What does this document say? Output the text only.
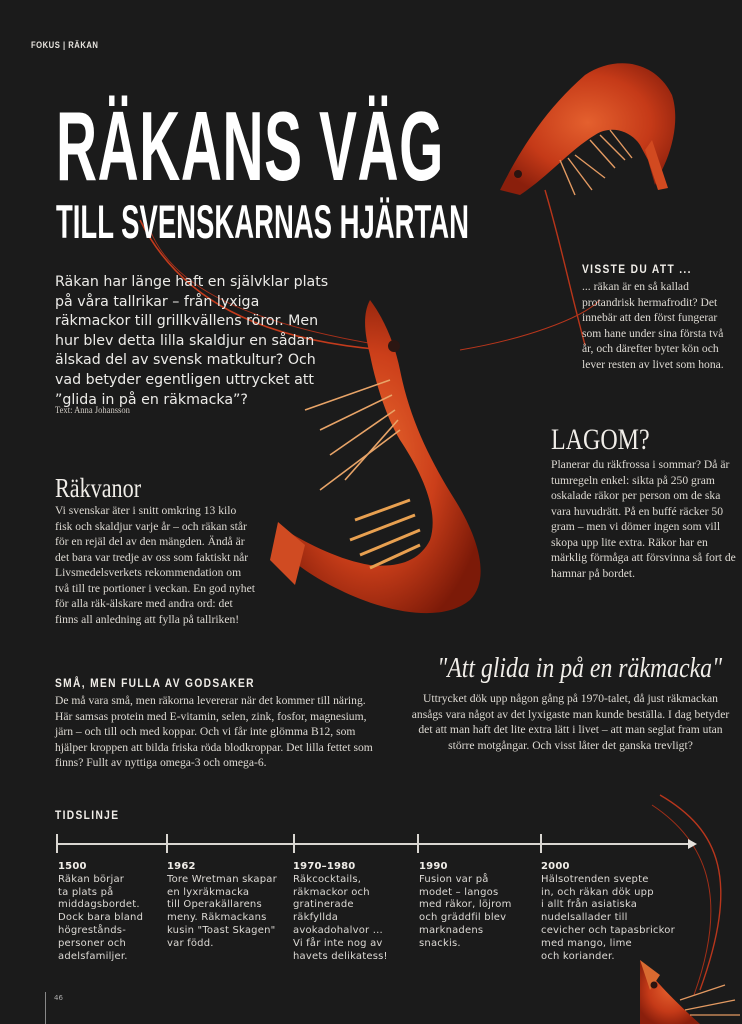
FOKUS | RÄKAN
RÄKANS VÄG
TILL SVENSKARNAS HJÄRTAN

Räkan har länge haft en självklar plats på våra tallrikar – från lyxiga räkmackor till grillkvällens röror. Men hur blev detta lilla skaldjur en sådan älskad del av svensk matkultur? Och vad betyder egentligen uttrycket att ”glida in på en räkmacka”?

Text: Anna Johansson
VISSTE DU ATT ...

... räkan är en så kallad protandrisk hermafrodit? Det innebär att den först fungerar som hane under sina första två år, och därefter byter kön och lever resten av livet som hona.

LAGOM?

Planerar du räkfrossa i sommar? Då är tumregeln enkel: sikta på 250 gram oskalade räkor per person om de ska vara huvudrätt. På en buffé räcker 50 gram – men vi dömer ingen som vill skopa upp lite extra. Räkor har en märklig förmåga att försvinna så fort de hamnar på bordet.

Räkvanor

Vi svenskar äter i snitt omkring 13 kilo fisk och skaldjur varje år – och räkan står för en rejäl del av den mängden. Ändå är det bara var tredje av oss som faktiskt når Livsmedelsverkets rekommendation om två till tre portioner i veckan. En god nyhet för alla räk-älskare med andra ord: det finns all anledning att fylla på tallriken!

SMÅ, MEN FULLA AV GODSAKER

De må vara små, men räkorna levererar när det kommer till näring. Här samsas protein med E-vitamin, selen, zink, fosfor, magnesium, järn – och till och med koppar. Och vi får inte glömma B12, som hjälper kroppen att bilda friska röda blodkroppar. Det lilla fettet som finns? Fullt av nyttiga omega-3 och omega-6.

"Att glida in på en räkmacka"

Uttrycket dök upp någon gång på 1970-talet, då just räkmackan ansågs vara något av det lyxigaste man kunde beställa. I dag betyder det att man haft det lite extra lätt i livet – att man seglat fram utan större motgångar. Och visst låter det ganska trevligt?

TIDSLINJE
1500
Räkan börjar
ta plats på
middagsbordet.
Dock bara bland
högrestånds-
personer och
adelsfamiljer.
1962
Tore Wretman skapar
en lyxräkmacka
till Operakällarens
meny. Räkmackans
kusin "Toast Skagen"
var född.
1970–1980
Räkcocktails,
räkmackor och
gratinerade
räkfyllda
avokadohalvor ...
Vi får inte nog av
havets delikatess!
1990
Fusion var på
modet – langos
med räkor, löjrom
och gräddfil blev
marknadens
snackis.
2000
Hälsotrenden svepte
in, och räkan dök upp
i allt från asiatiska
nudelsallader till
cevicher och tapasbrickor
med mango, lime
och koriander.
46
